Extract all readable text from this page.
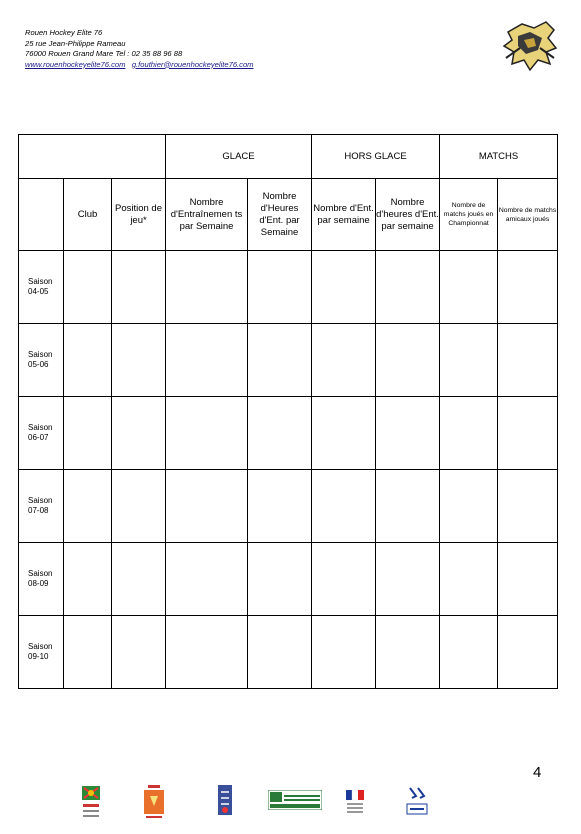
Rouen Hockey Elite 76
25 rue Jean-Philippe Rameau
76000 Rouen Grand Mare Tel : 02 35 88 96 88
www.rouenhockeyelite76.com g.fouthier@rouenhockeyelite76.com
			GLACE		HORS GLACE		MATCHS	
	Club	Position de jeu*	Nombre d'Entraînemen ts par Semaine	Nombre d'Heures d'Ent. par Semaine	Nombre d'Ent. par semaine	Nombre d'heures d'Ent. par semaine	Nombre de matchs joués en Championnat	Nombre de matchs amicaux joués
Saison 04-05								
Saison 05-06								
Saison 06-07								
Saison 07-08								
Saison 08-09								
Saison 09-10								
4
